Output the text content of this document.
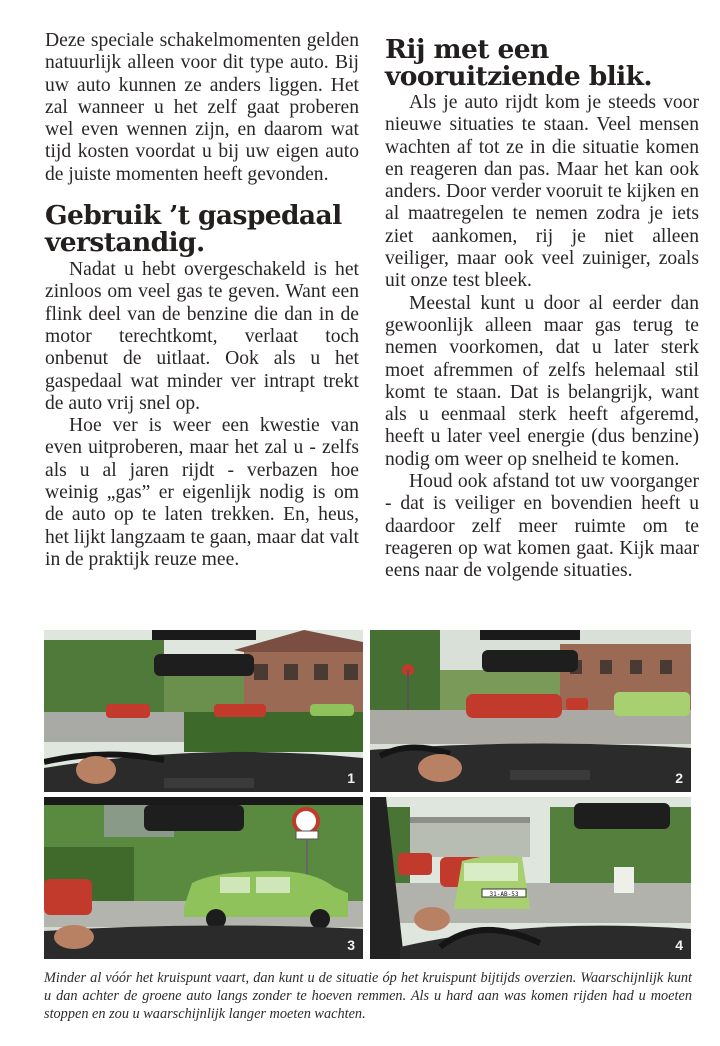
Deze speciale schakelmomenten gelden natuurlijk alleen voor dit type auto. Bij uw auto kunnen ze anders liggen. Het zal wanneer u het zelf gaat proberen wel even wennen zijn, en daarom wat tijd kosten voordat u bij uw eigen auto de juiste momenten heeft gevonden.

Gebruik ’t gaspedaal verstandig.

Nadat u hebt overgeschakeld is het zinloos om veel gas te geven. Want een flink deel van de benzine die dan in de motor terechtkomt, verlaat toch onbenut de uitlaat. Ook als u het gaspedaal wat minder ver intrapt trekt de auto vrij snel op.

Hoe ver is weer een kwestie van even uitproberen, maar het zal u - zelfs als u al jaren rijdt - verbazen hoe weinig „gas” er eigenlijk nodig is om de auto op te laten trekken. En, heus, het lijkt langzaam te gaan, maar dat valt in de praktijk reuze mee.

Rij met een vooruitziende blik.

Als je auto rijdt kom je steeds voor nieuwe situaties te staan. Veel mensen wachten af tot ze in die situatie komen en reageren dan pas. Maar het kan ook anders. Door verder vooruit te kijken en al maatregelen te nemen zodra je iets ziet aankomen, rij je niet alleen veiliger, maar ook veel zuiniger, zoals uit onze test bleek.

Meestal kunt u door al eerder dan gewoonlijk alleen maar gas terug te nemen voorkomen, dat u later sterk moet afremmen of zelfs helemaal stil komt te staan. Dat is belangrijk, want als u eenmaal sterk heeft afgeremd, heeft u later veel energie (dus benzine) nodig om weer op snelheid te komen.

Houd ook afstand tot uw voorganger - dat is veiliger en bovendien heeft u daardoor zelf meer ruimte om te reageren op wat komen gaat. Kijk maar eens naar de volgende situaties.

1	2
3
31-AB-53
4

Minder al vóór het kruispunt vaart, dan kunt u de situatie óp het kruispunt bijtijds overzien. Waarschijnlijk kunt u dan achter de groene auto langs zonder te hoeven remmen. Als u hard aan was komen rijden had u moeten stoppen en zou u waarschijnlijk langer moeten wachten.
